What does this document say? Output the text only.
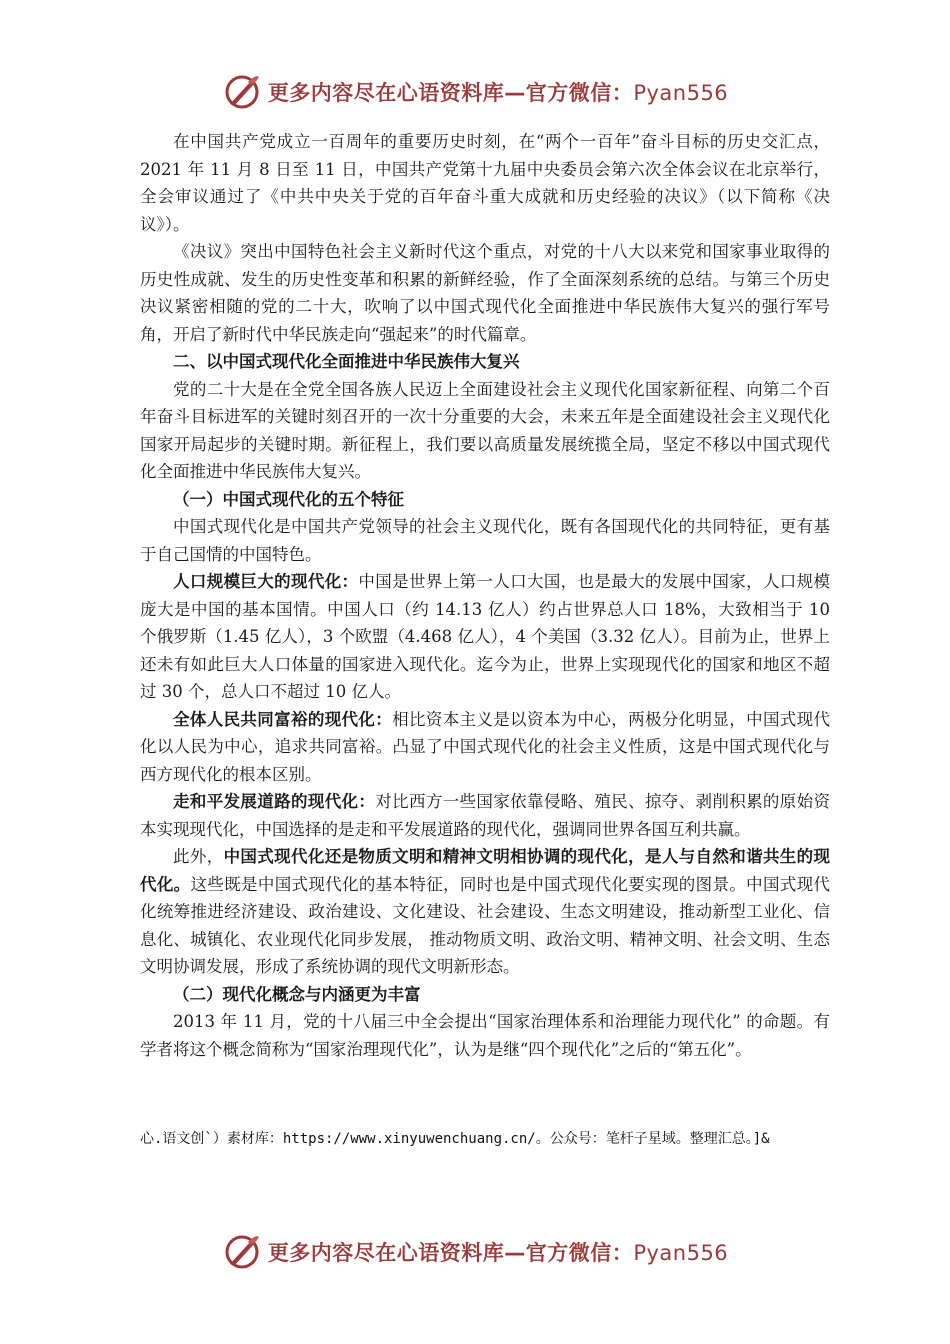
更多内容尽在心语资料库—官方微信：Pyan556

在中国共产党成立一百周年的重要历史时刻，在“两个一百年”奋斗目标的历史交汇点，2021 年 11 月 8 日至 11 日，中国共产党第十九届中央委员会第六次全体会议在北京举行，全会审议通过了《中共中央关于党的百年奋斗重大成就和历史经验的决议》（以下简称《决议》）。

《决议》突出中国特色社会主义新时代这个重点，对党的十八大以来党和国家事业取得的历史性成就、发生的历史性变革和积累的新鲜经验，作了全面深刻系统的总结。与第三个历史决议紧密相随的党的二十大，吹响了以中国式现代化全面推进中华民族伟大复兴的强行军号角，开启了新时代中华民族走向“强起来”的时代篇章。

二、以中国式现代化全面推进中华民族伟大复兴

党的二十大是在全党全国各族人民迈上全面建设社会主义现代化国家新征程、向第二个百年奋斗目标进军的关键时刻召开的一次十分重要的大会，未来五年是全面建设社会主义现代化国家开局起步的关键时期。新征程上，我们要以高质量发展统揽全局，坚定不移以中国式现代化全面推进中华民族伟大复兴。

（一）中国式现代化的五个特征

中国式现代化是中国共产党领导的社会主义现代化，既有各国现代化的共同特征，更有基于自己国情的中国特色。

人口规模巨大的现代化：中国是世界上第一人口大国，也是最大的发展中国家，人口规模庞大是中国的基本国情。中国人口（约 14.13 亿人）约占世界总人口 18%，大致相当于 10 个俄罗斯（1.45 亿人），3 个欧盟（4.468 亿人），4 个美国（3.32 亿人）。目前为止，世界上还未有如此巨大人口体量的国家进入现代化。迄今为止，世界上实现现代化的国家和地区不超过 30 个，总人口不超过 10 亿人。

全体人民共同富裕的现代化：相比资本主义是以资本为中心，两极分化明显，中国式现代化以人民为中心，追求共同富裕。凸显了中国式现代化的社会主义性质，这是中国式现代化与西方现代化的根本区别。

走和平发展道路的现代化：对比西方一些国家依靠侵略、殖民、掠夺、剥削积累的原始资本实现现代化，中国选择的是走和平发展道路的现代化，强调同世界各国互利共赢。

此外，中国式现代化还是物质文明和精神文明相协调的现代化，是人与自然和谐共生的现代化。这些既是中国式现代化的基本特征，同时也是中国式现代化要实现的图景。中国式现代化统筹推进经济建设、政治建设、文化建设、社会建设、生态文明建设，推动新型工业化、信息化、城镇化、农业现代化同步发展， 推动物质文明、政治文明、精神文明、社会文明、生态文明协调发展，形成了系统协调的现代文明新形态。

（二）现代化概念与内涵更为丰富

2013 年 11 月，党的十八届三中全会提出“国家治理体系和治理能力现代化” 的命题。有学者将这个概念简称为“国家治理现代化”，认为是继“四个现代化”之后的“第五化”。

心.语文创`）素材库：https://www.xinyuwenchuang.cn/。公众号：笔杆子星域。整理汇总。]&
更多内容尽在心语资料库—官方微信：Pyan556
